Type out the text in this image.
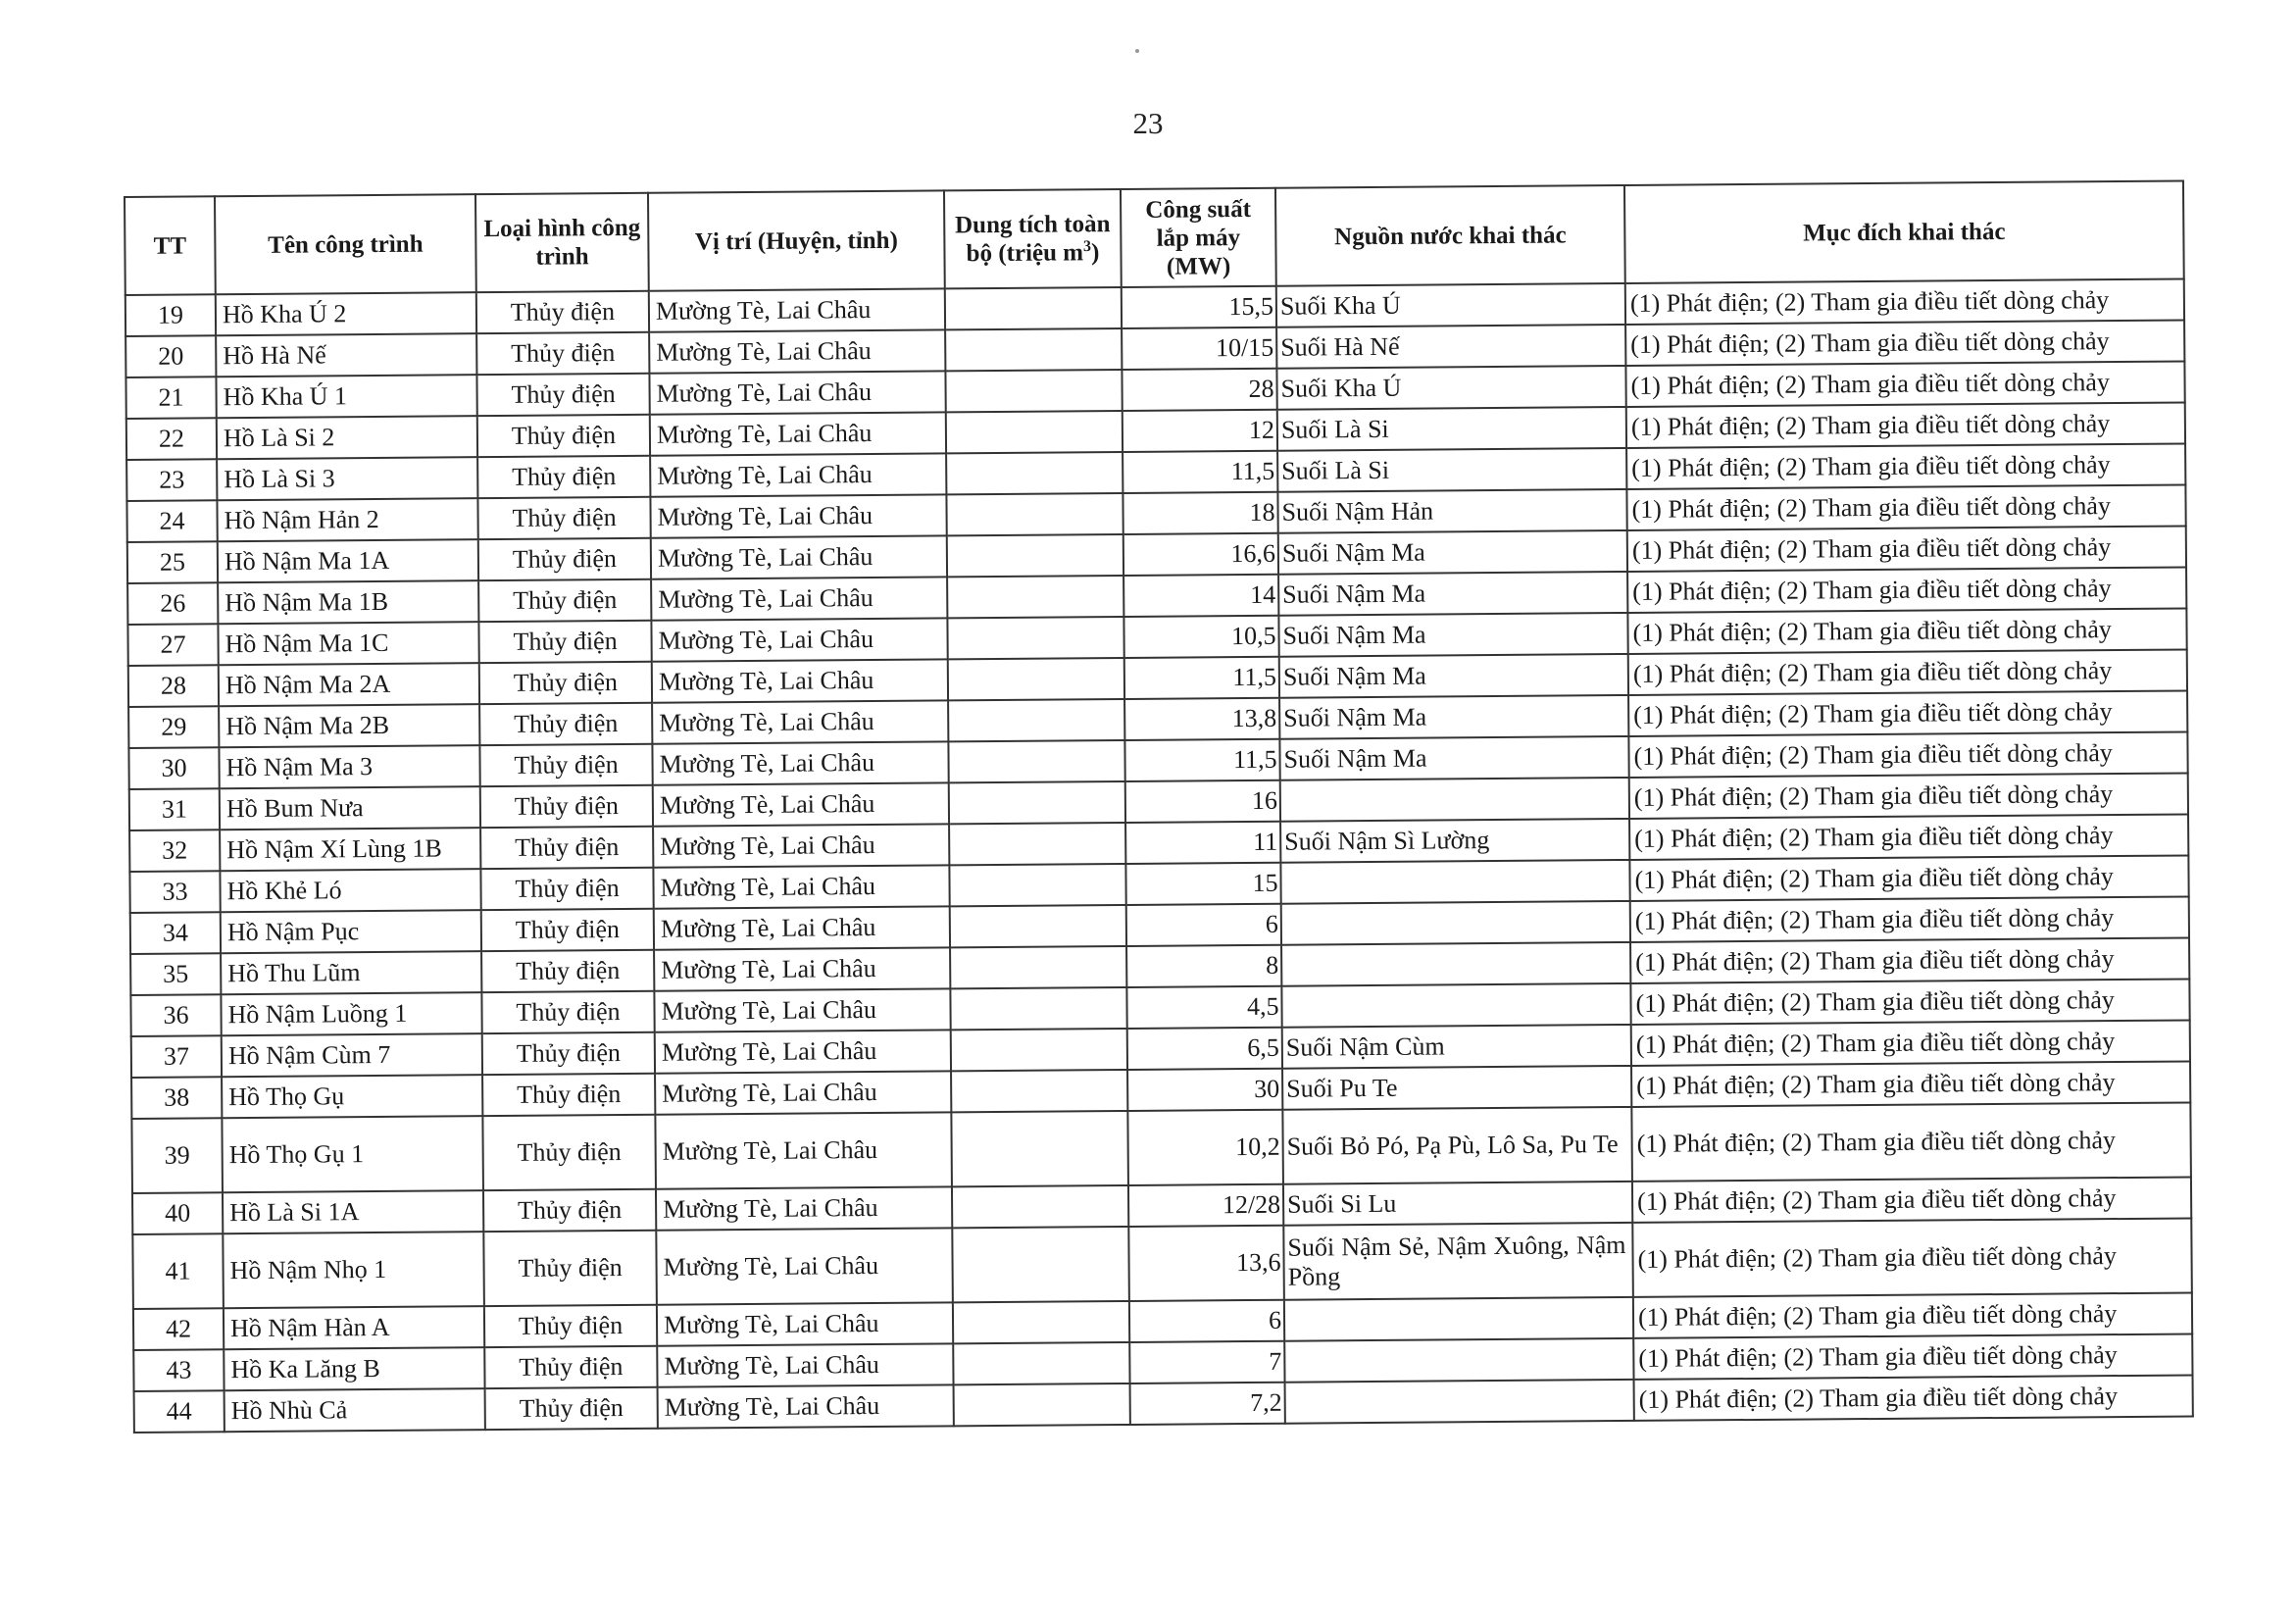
23
TT	Tên công trình	Loại hình công trình	Vị trí (Huyện, tỉnh)	Dung tích toàn bộ (triệu $m^3$)	Công suất lắp máy (MW)	Nguồn nước khai thác	Mục đích khai thác
19	Hồ Kha Ú 2	Thủy điện	Mường Tè, Lai Châu		15,5	Suối Kha Ú	(1) Phát điện; (2) Tham gia điều tiết dòng chảy
20	Hồ Hà Nế	Thủy điện	Mường Tè, Lai Châu		10/15	Suối Hà Nế	(1) Phát điện; (2) Tham gia điều tiết dòng chảy
21	Hồ Kha Ú 1	Thủy điện	Mường Tè, Lai Châu		28	Suối Kha Ú	(1) Phát điện; (2) Tham gia điều tiết dòng chảy
22	Hồ Là Si 2	Thủy điện	Mường Tè, Lai Châu		12	Suối Là Si	(1) Phát điện; (2) Tham gia điều tiết dòng chảy
23	Hồ Là Si 3	Thủy điện	Mường Tè, Lai Châu		11,5	Suối Là Si	(1) Phát điện; (2) Tham gia điều tiết dòng chảy
24	Hồ Nậm Hản 2	Thủy điện	Mường Tè, Lai Châu		18	Suối Nậm Hản	(1) Phát điện; (2) Tham gia điều tiết dòng chảy
25	Hồ Nậm Ma 1A	Thủy điện	Mường Tè, Lai Châu		16,6	Suối Nậm Ma	(1) Phát điện; (2) Tham gia điều tiết dòng chảy
26	Hồ Nậm Ma 1B	Thủy điện	Mường Tè, Lai Châu		14	Suối Nậm Ma	(1) Phát điện; (2) Tham gia điều tiết dòng chảy
27	Hồ Nậm Ma 1C	Thủy điện	Mường Tè, Lai Châu		10,5	Suối Nậm Ma	(1) Phát điện; (2) Tham gia điều tiết dòng chảy
28	Hồ Nậm Ma 2A	Thủy điện	Mường Tè, Lai Châu		11,5	Suối Nậm Ma	(1) Phát điện; (2) Tham gia điều tiết dòng chảy
29	Hồ Nậm Ma 2B	Thủy điện	Mường Tè, Lai Châu		13,8	Suối Nậm Ma	(1) Phát điện; (2) Tham gia điều tiết dòng chảy
30	Hồ Nậm Ma 3	Thủy điện	Mường Tè, Lai Châu		11,5	Suối Nậm Ma	(1) Phát điện; (2) Tham gia điều tiết dòng chảy
31	Hồ Bum Nưa	Thủy điện	Mường Tè, Lai Châu		16		(1) Phát điện; (2) Tham gia điều tiết dòng chảy
32	Hồ Nậm Xí Lùng 1B	Thủy điện	Mường Tè, Lai Châu		11	Suối Nậm Sì Lường	(1) Phát điện; (2) Tham gia điều tiết dòng chảy
33	Hồ Khẻ Ló	Thủy điện	Mường Tè, Lai Châu		15		(1) Phát điện; (2) Tham gia điều tiết dòng chảy
34	Hồ Nậm Pục	Thủy điện	Mường Tè, Lai Châu		6		(1) Phát điện; (2) Tham gia điều tiết dòng chảy
35	Hồ Thu Lũm	Thủy điện	Mường Tè, Lai Châu		8		(1) Phát điện; (2) Tham gia điều tiết dòng chảy
36	Hồ Nậm Luồng 1	Thủy điện	Mường Tè, Lai Châu		4,5		(1) Phát điện; (2) Tham gia điều tiết dòng chảy
37	Hồ Nậm Cùm 7	Thủy điện	Mường Tè, Lai Châu		6,5	Suối Nậm Cùm	(1) Phát điện; (2) Tham gia điều tiết dòng chảy
38	Hồ Thọ Gụ	Thủy điện	Mường Tè, Lai Châu		30	Suối Pu Te	(1) Phát điện; (2) Tham gia điều tiết dòng chảy
39	Hồ Thọ Gụ 1	Thủy điện	Mường Tè, Lai Châu		10,2	Suối Bỏ Pó, Pạ Pù, Lô Sa, Pu Te	(1) Phát điện; (2) Tham gia điều tiết dòng chảy
40	Hồ Là Si 1A	Thủy điện	Mường Tè, Lai Châu		12/28	Suối Si Lu	(1) Phát điện; (2) Tham gia điều tiết dòng chảy
41	Hồ Nậm Nhọ 1	Thủy điện	Mường Tè, Lai Châu		13,6	Suối Nậm Sẻ, Nậm Xuông, Nậm Pồng	(1) Phát điện; (2) Tham gia điều tiết dòng chảy
42	Hồ Nậm Hàn A	Thủy điện	Mường Tè, Lai Châu		6		(1) Phát điện; (2) Tham gia điều tiết dòng chảy
43	Hồ Ka Lăng B	Thủy điện	Mường Tè, Lai Châu		7		(1) Phát điện; (2) Tham gia điều tiết dòng chảy
44	Hồ Nhù Cả	Thủy điện	Mường Tè, Lai Châu		7,2		(1) Phát điện; (2) Tham gia điều tiết dòng chảy
